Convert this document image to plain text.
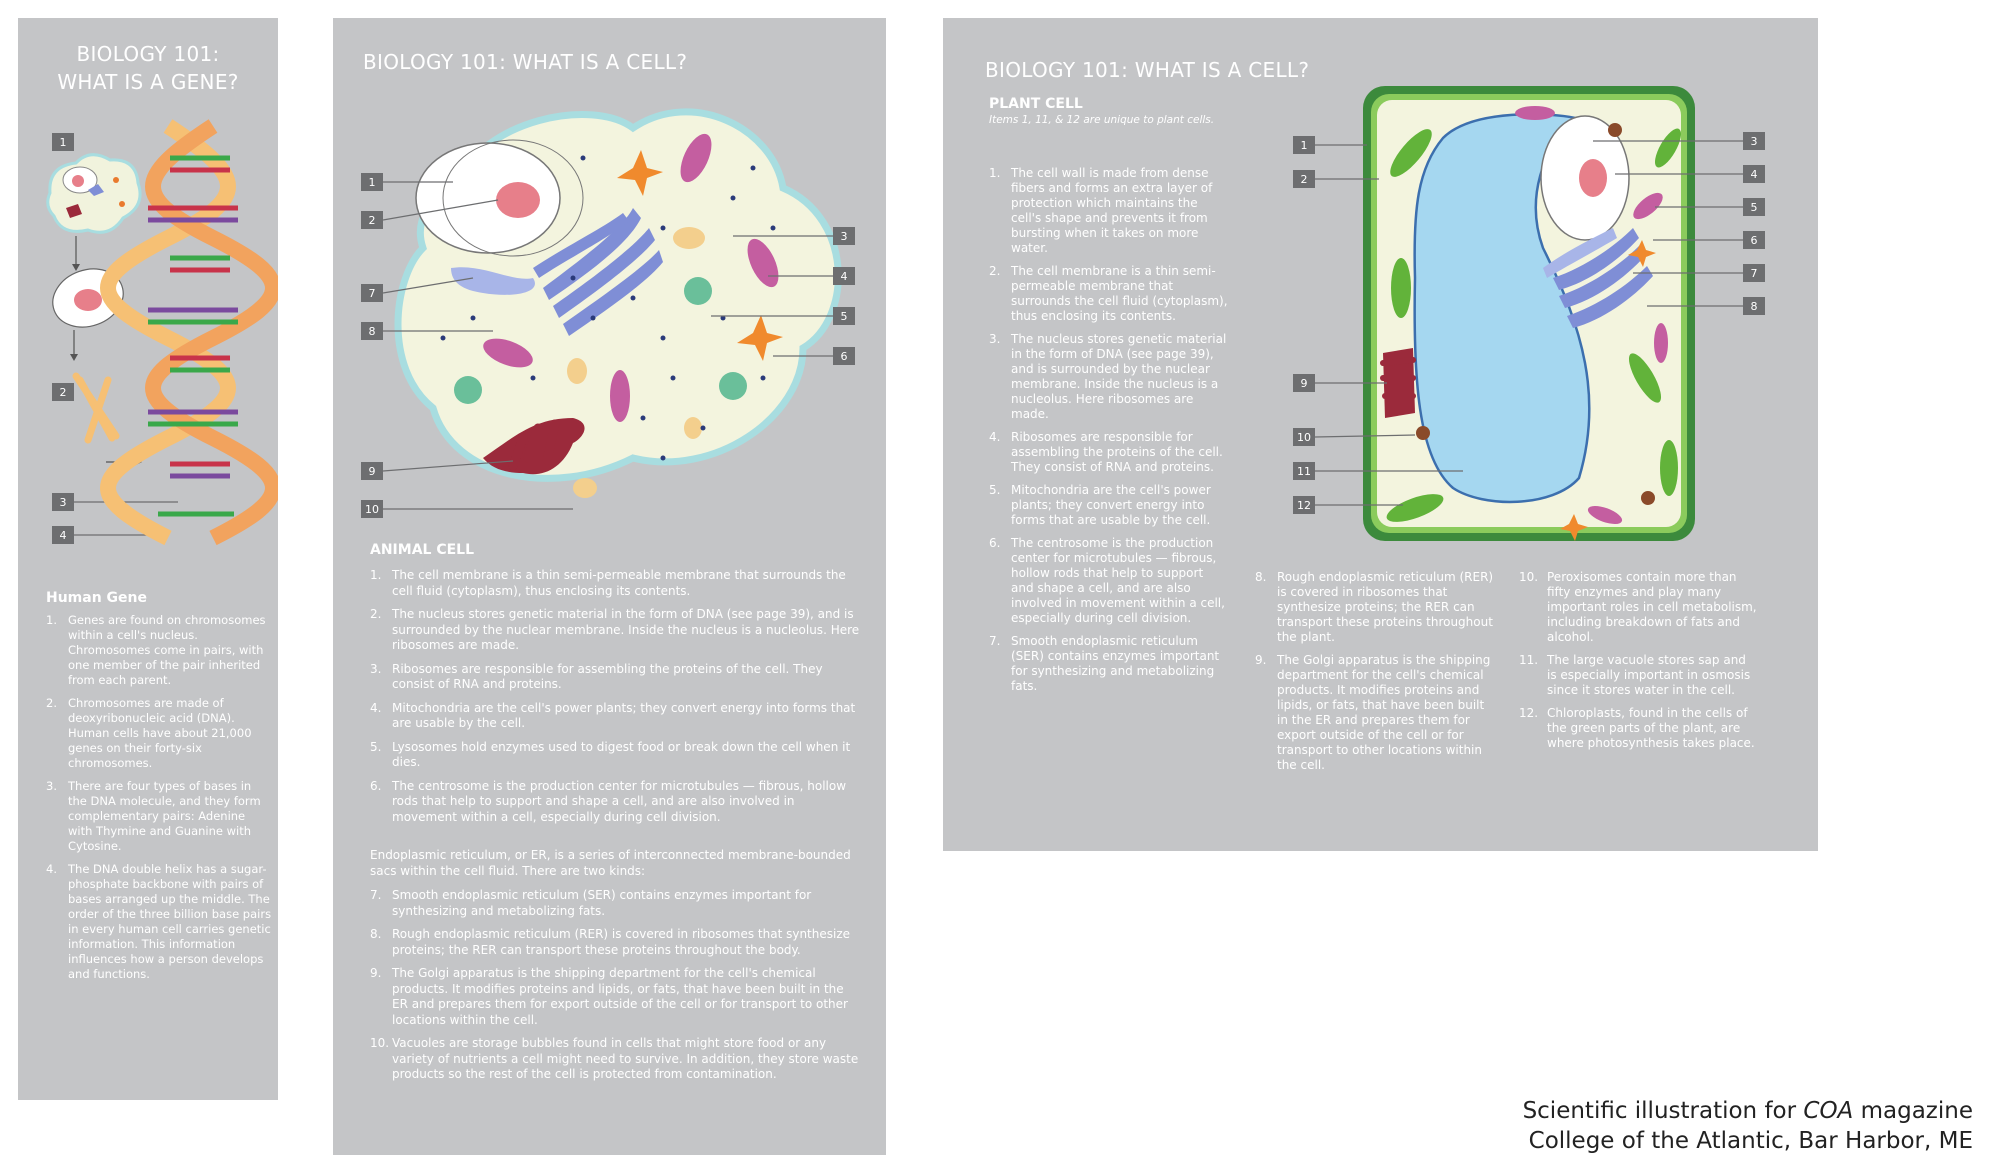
BIOLOGY 101:
WHAT IS A GENE?
1
2
3
4
Human Gene
1. Genes are found on chromosomes within a cell's nucleus. Chromosomes come in pairs, with one member of the pair inherited from each parent.
2. Chromosomes are made of deoxyribonucleic acid (DNA). Human cells have about 21,000 genes on their forty-six chromosomes.
3. There are four types of bases in the DNA molecule, and they form complementary pairs: Adenine with Thymine and Guanine with Cytosine.
4. The DNA double helix has a sugar-phosphate backbone with pairs of bases arranged up the middle. The order of the three billion base pairs in every human cell carries genetic information. This information influences how a person develops and functions.
BIOLOGY 101: WHAT IS A CELL?
1
2
7
8
9
10
3
4
5
6
ANIMAL CELL
1. The cell membrane is a thin semi-permeable membrane that surrounds the cell fluid (cytoplasm), thus enclosing its contents.
2. The nucleus stores genetic material in the form of DNA (see page 39), and is surrounded by the nuclear membrane. Inside the nucleus is a nucleolus. Here ribosomes are made.
3. Ribosomes are responsible for assembling the proteins of the cell. They consist of RNA and proteins.
4. Mitochondria are the cell's power plants; they convert energy into forms that are usable by the cell.
5. Lysosomes hold enzymes used to digest food or break down the cell when it dies.
6. The centrosome is the production center for microtubules — fibrous, hollow rods that help to support and shape a cell, and are also involved in movement within a cell, especially during cell division.
Endoplasmic reticulum, or ER, is a series of interconnected membrane-bounded sacs within the cell fluid. There are two kinds:
7. Smooth endoplasmic reticulum (SER) contains enzymes important for synthesizing and metabolizing fats.
8. Rough endoplasmic reticulum (RER) is covered in ribosomes that synthesize proteins; the RER can transport these proteins throughout the body.
9. The Golgi apparatus is the shipping department for the cell's chemical products. It modifies proteins and lipids, or fats, that have been built in the ER and prepares them for export outside of the cell or for transport to other locations within the cell.
10. Vacuoles are storage bubbles found in cells that might store food or any variety of nutrients a cell might need to survive. In addition, they store waste products so the rest of the cell is protected from contamination.
BIOLOGY 101: WHAT IS A CELL?
PLANT CELL
Items 1, 11, & 12 are unique to plant cells.
1. The cell wall is made from dense fibers and forms an extra layer of protection which maintains the cell's shape and prevents it from bursting when it takes on more water.
2. The cell membrane is a thin semi-permeable membrane that surrounds the cell fluid (cytoplasm), thus enclosing its contents.
3. The nucleus stores genetic material in the form of DNA (see page 39), and is surrounded by the nuclear membrane. Inside the nucleus is a nucleolus. Here ribosomes are made.
4. Ribosomes are responsible for assembling the proteins of the cell. They consist of RNA and proteins.
5. Mitochondria are the cell's power plants; they convert energy into forms that are usable by the cell.
6. The centrosome is the production center for microtubules — fibrous, hollow rods that help to support and shape a cell, and are also involved in movement within a cell, especially during cell division.
7. Smooth endoplasmic reticulum (SER) contains enzymes important for synthesizing and metabolizing fats.
8. Rough endoplasmic reticulum (RER) is covered in ribosomes that synthesize proteins; the RER can transport these proteins throughout the plant.
9. The Golgi apparatus is the shipping department for the cell's chemical products. It modifies proteins and lipids, or fats, that have been built in the ER and prepares them for export outside of the cell or for transport to other locations within the cell.
10. Peroxisomes contain more than fifty enzymes and play many important roles in cell metabolism, including breakdown of fats and alcohol.
11. The large vacuole stores sap and is especially important in osmosis since it stores water in the cell.
12. Chloroplasts, found in the cells of the green parts of the plant, are where photosynthesis takes place.
1
2
9
10
11
12
3
4
5
6
7
8
Scientific illustration for COA magazine
College of the Atlantic, Bar Harbor, ME
